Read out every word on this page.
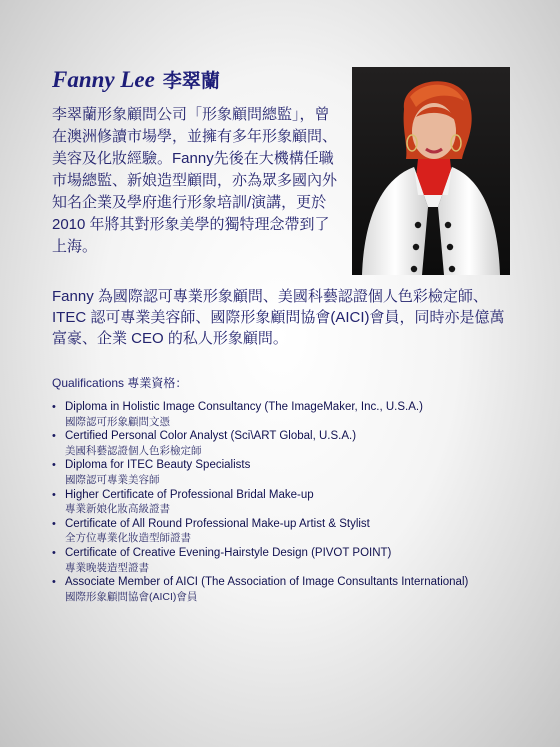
Fanny Lee 李翠蘭
李翠蘭形象顧問公司「形象顧問總監」，曾在澳洲修讀市場學，並擁有多年形象顧問、美容及化妝經驗。Fanny先後在大機構任職市場總監、新娘造型顧問，亦為眾多國內外知名企業及學府進行形象培訓/演講，更於 2010 年將其對形象美學的獨特理念帶到了上海。
Fanny 為國際認可專業形象顧問、美國科藝認證個人色彩檢定師、ITEC 認可專業美容師、國際形象顧問協會(AICI)會員，同時亦是億萬富豪、企業 CEO 的私人形象顧問。
Qualifications 專業資格：
• Diploma in Holistic Image Consultancy (The ImageMaker, Inc., U.S.A.)
國際認可形象顧問文憑
• Certified Personal Color Analyst (Sci\ART Global, U.S.A.)
美國科藝認證個人色彩檢定師
• Diploma for ITEC Beauty Specialists
國際認可專業美容師
• Higher Certificate of Professional Bridal Make-up
專業新娘化妝高級證書
• Certificate of All Round Professional Make-up Artist & Stylist
全方位專業化妝造型師證書
• Certificate of Creative Evening-Hairstyle Design (PIVOT POINT)
專業晚裝造型證書
• Associate Member of AICI (The Association of Image Consultants International)
國際形象顧問協會(AICI)會員
